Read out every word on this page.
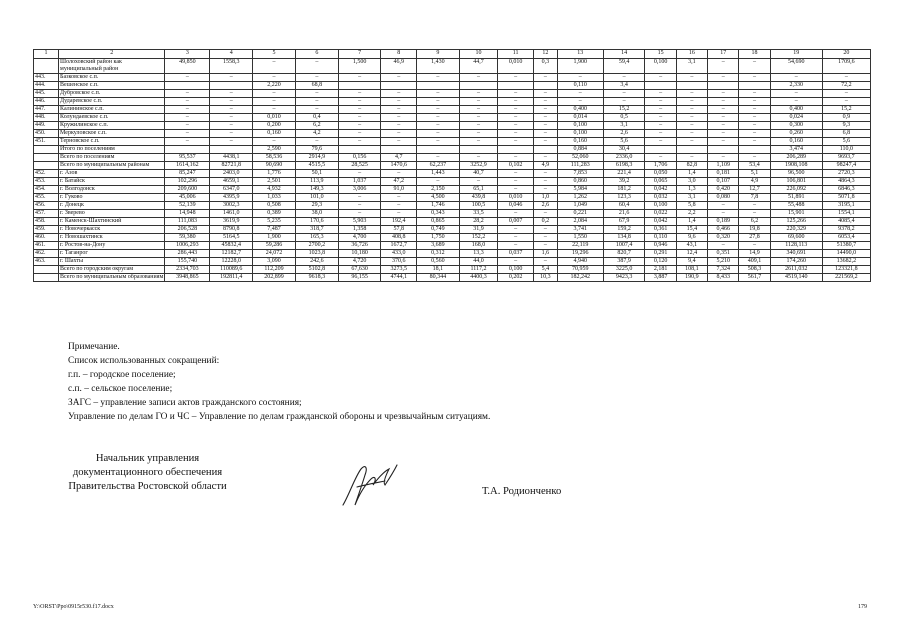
1	2	3	4	5	6	7	8	9	10	11	12	13	14	15	16	17	18	19	20
	Шолоховский район как муниципальный район	49,850	1558,3	–	–	1,500	46,9	1,430	44,7	0,010	0,3	1,900	59,4	0,100	3,1	–	–	54,690	1709,6
443.	Базковское с.п.	–	–	–	–	–	–	–	–	–	–	–	–	–	–	–	–	–	–
444.	Вешенское с.п.			2,220	68,8							0,110	3,4					2,330	72,2
445.	Дубровское с.п.	–	–	–	–	–	–	–	–	–	–	–	–	–	–	–	–	–	–
446.	Дударевское с.п.	–	–	–	–	–	–	–	–	–	–	–	–	–	–	–	–	–	–
447.	Калининское с.п.	–	–	–	–	–	–	–	–	–	–	0,400	15,2	–	–	–	–	0,400	15,2
448.	Колундаевское с.п.	–	–	0,010	0,4	–	–	–	–	–	–	0,014	0,5	–	–	–	–	0,024	0,9
449.	Кружилинское с.п.	–	–	0,200	6,2	–	–	–	–	–	–	0,100	3,1	–	–	–	–	0,300	9,3
450.	Меркуловское с.п.	–	–	0,160	4,2	–	–	–	–	–	–	0,100	2,6	–	–	–	–	0,260	6,8
451.	Терновское с.п.	–	–	–	–	–	–	–	–	–	–	0,160	5,6	–	–	–	–	0,160	5,6
	Итого по поселениям			2,590	79,6							0,884	30,4					3,474	110,0
	Всего по поселениям	95,537	4438,1	58,536	2914,9	0,156	4,7	–	–	–	–	52,060	2336,0	–	–	–	–	206,289	9693,7
	Всего по муниципальным районам	1614,162	82721,8	90,690	4515,5	28,525	1470,6	62,237	3252,9	0,102	4,9	111,283	6198,3	1,706	82,8	1,109	53,4	1908,108	98247,4
452.	г. Азов	85,247	2403,0	1,776	50,1	–	–	1,443	40,7	–	–	7,853	221,4	0,050	1,4	0,181	5,1	96,500	2720,3
453.	г. Батайск	102,296	4659,1	2,501	113,9	1,037	47,2	–	–	–	–	0,860	39,2	0,065	3,0	0,107	4,9	106,801	4864,3
454.	г. Волгодонск	209,600	6347,0	4,932	149,3	3,006	91,0	2,150	65,1	–	–	5,984	181,2	0,042	1,3	0,420	12,7	226,092	6846,3
455.	г. Гуково	45,006	4395,9	1,033	101,0	–	–	4,500	439,8	0,010	1,0	1,262	123,3	0,032	3,1	0,080	7,8	51,891	5071,8
456.	г. Донецк	52,139	3002,3	0,508	29,3	–	–	1,746	100,5	0,046	2,6	1,049	60,4	0,100	5,8	–	–	55,488	3195,1
457.	г. Зверево	14,948	1461,0	0,389	38,0	–	–	0,343	33,5	–	–	0,221	21,6	0,022	2,2	–	–	15,901	1554,1
458.	г. Каменск-Шахтинский	111,083	3619,9	5,235	170,6	5,903	192,4	0,865	28,2	0,007	0,2	2,084	67,9	0,042	1,4	0,189	6,2	125,266	4085,4
459.	г. Новочеркасск	206,528	8790,8	7,487	318,7	1,358	57,8	0,749	31,9	–	–	3,741	159,2	0,361	15,4	0,466	19,8	220,329	9378,2
460.	г. Новошахтинск	59,380	5164,5	1,900	165,3	4,700	408,8	1,750	152,2	–	–	1,550	134,8	0,110	9,6	0,320	27,8	69,600	6053,4
461.	г. Ростов-на-Дону	1006,293	45832,4	59,286	2700,2	36,726	1672,7	3,689	168,0	–	–	22,119	1007,4	0,946	43,1	–	–	1128,113	51380,7
462.	г. Таганрог	286,443	12182,7	24,072	1023,8	10,180	433,0	0,312	13,3	0,037	1,6	19,296	820,7	0,291	12,4	0,351	14,9	340,691	14490,0
463.	г. Шахты	155,740	12228,0	3,090	242,6	4,720	370,6	0,560	44,0	–	–	4,940	387,9	0,120	9,4	5,210	409,1	174,260	13682,2
	Всего по городским округам	2334,703	110089,6	112,209	5102,8	67,630	3273,5	18,1	1117,2	0,100	5,4	70,959	3225,0	2,181	108,1	7,324	508,3	2611,032	123321,8
	Всего по муниципальным образованиям	3948,865	192811,4	202,899	9618,3	96,155	4744,1	80,344	4400,3	0,202	10,3	182,242	9423,3	3,887	190,9	8,433	561,7	4519,140	221569,2

Примечание.

Список использованных сокращений:

г.п. – городское поселение;

с.п. – сельское поселение;

ЗАГС – управление записи актов гражданского состояния;

Управление по делам ГО и ЧС – Управление по делам гражданской обороны и чрезвычайным ситуациям.

Начальник управления

документационного обеспечения

Правительства Ростовской области	Т.А. Родионченко
Y:\ORST\Ppo\0915r530.f17.docx	179
